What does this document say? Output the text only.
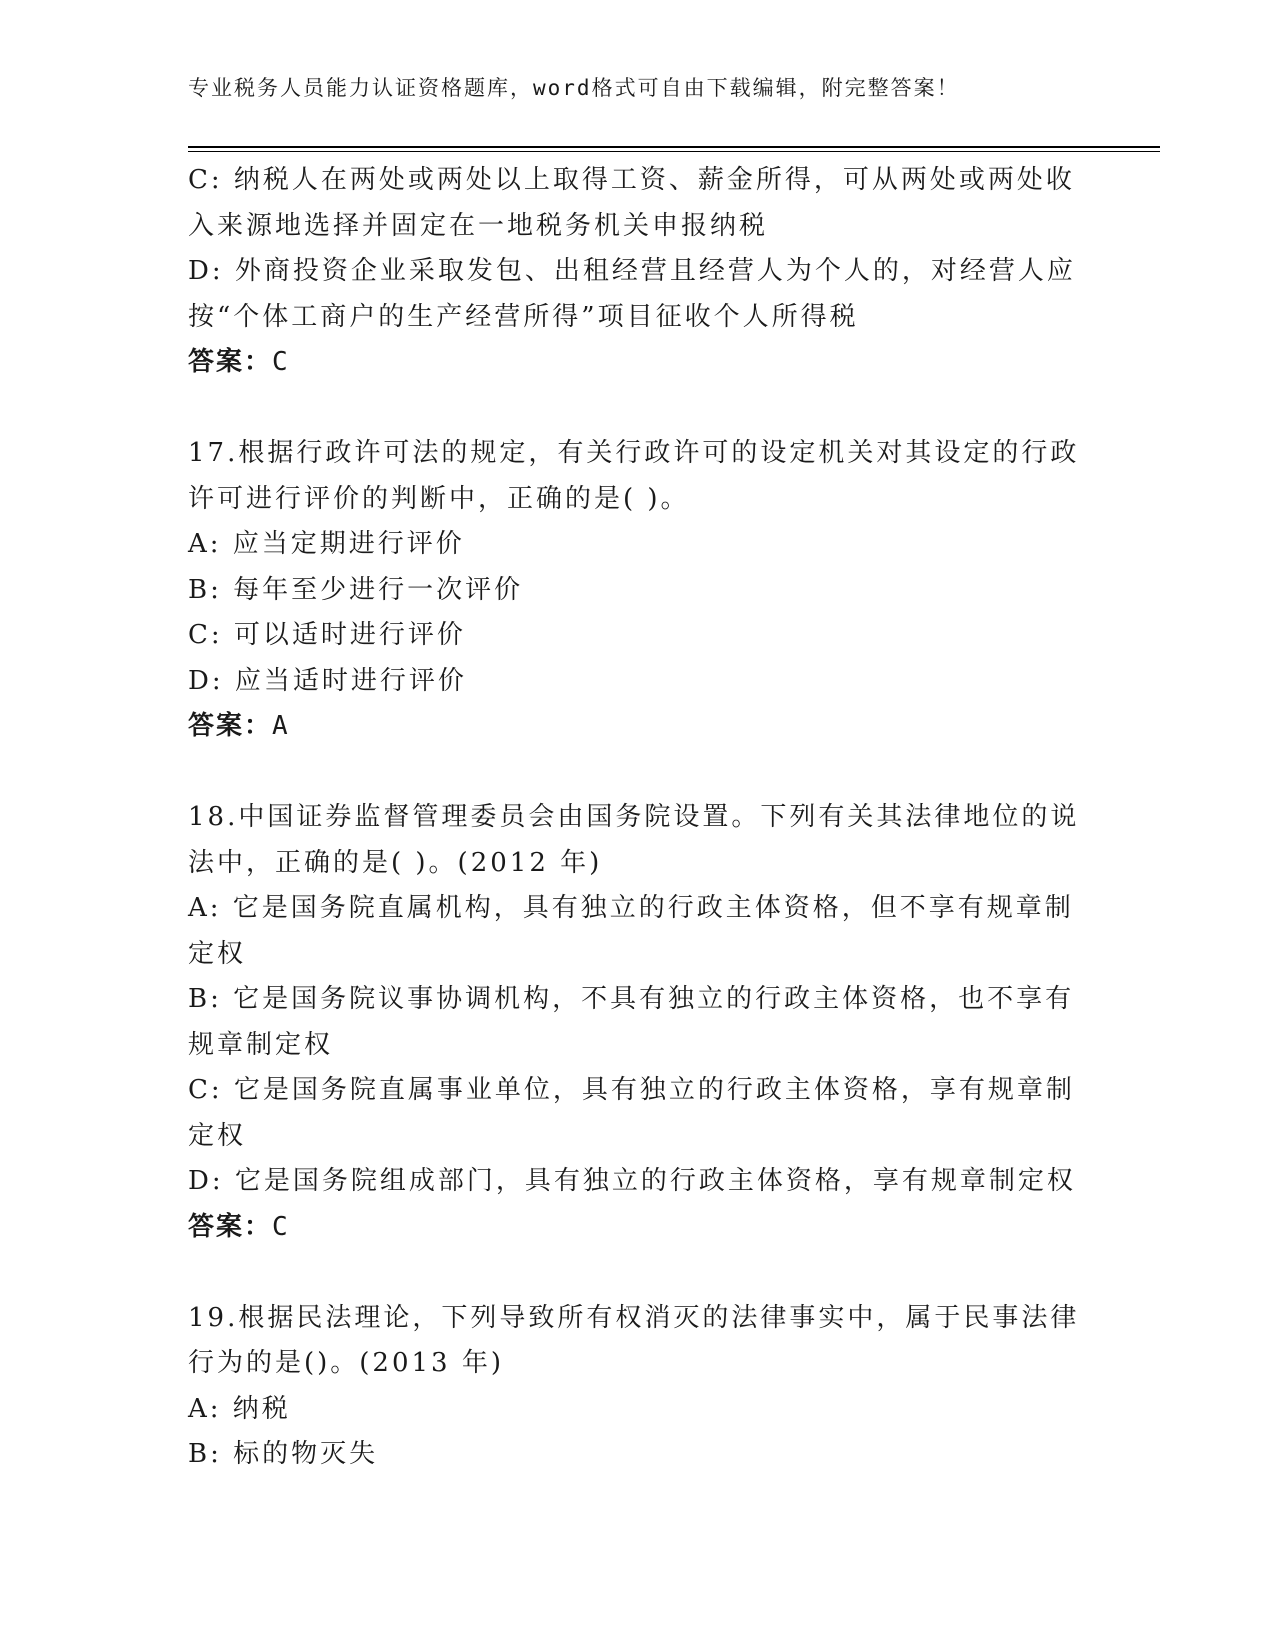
专业税务人员能力认证资格题库，word格式可自由下载编辑，附完整答案！
C: 纳税人在两处或两处以上取得工资、薪金所得，可从两处或两处收
入来源地选择并固定在一地税务机关申报纳税
D: 外商投资企业采取发包、出租经营且经营人为个人的，对经营人应
按“个体工商户的生产经营所得”项目征收个人所得税
答案：C
17.根据行政许可法的规定，有关行政许可的设定机关对其设定的行政
许可进行评价的判断中，正确的是( )。
A: 应当定期进行评价
B: 每年至少进行一次评价
C: 可以适时进行评价
D: 应当适时进行评价
答案：A
18.中国证券监督管理委员会由国务院设置。下列有关其法律地位的说
法中，正确的是( )。(2012 年)
A: 它是国务院直属机构，具有独立的行政主体资格，但不享有规章制
定权
B: 它是国务院议事协调机构，不具有独立的行政主体资格，也不享有
规章制定权
C: 它是国务院直属事业单位，具有独立的行政主体资格，享有规章制
定权
D: 它是国务院组成部门，具有独立的行政主体资格，享有规章制定权
答案：C
19.根据民法理论，下列导致所有权消灭的法律事实中，属于民事法律
行为的是()。(2013 年)
A: 纳税
B: 标的物灭失
